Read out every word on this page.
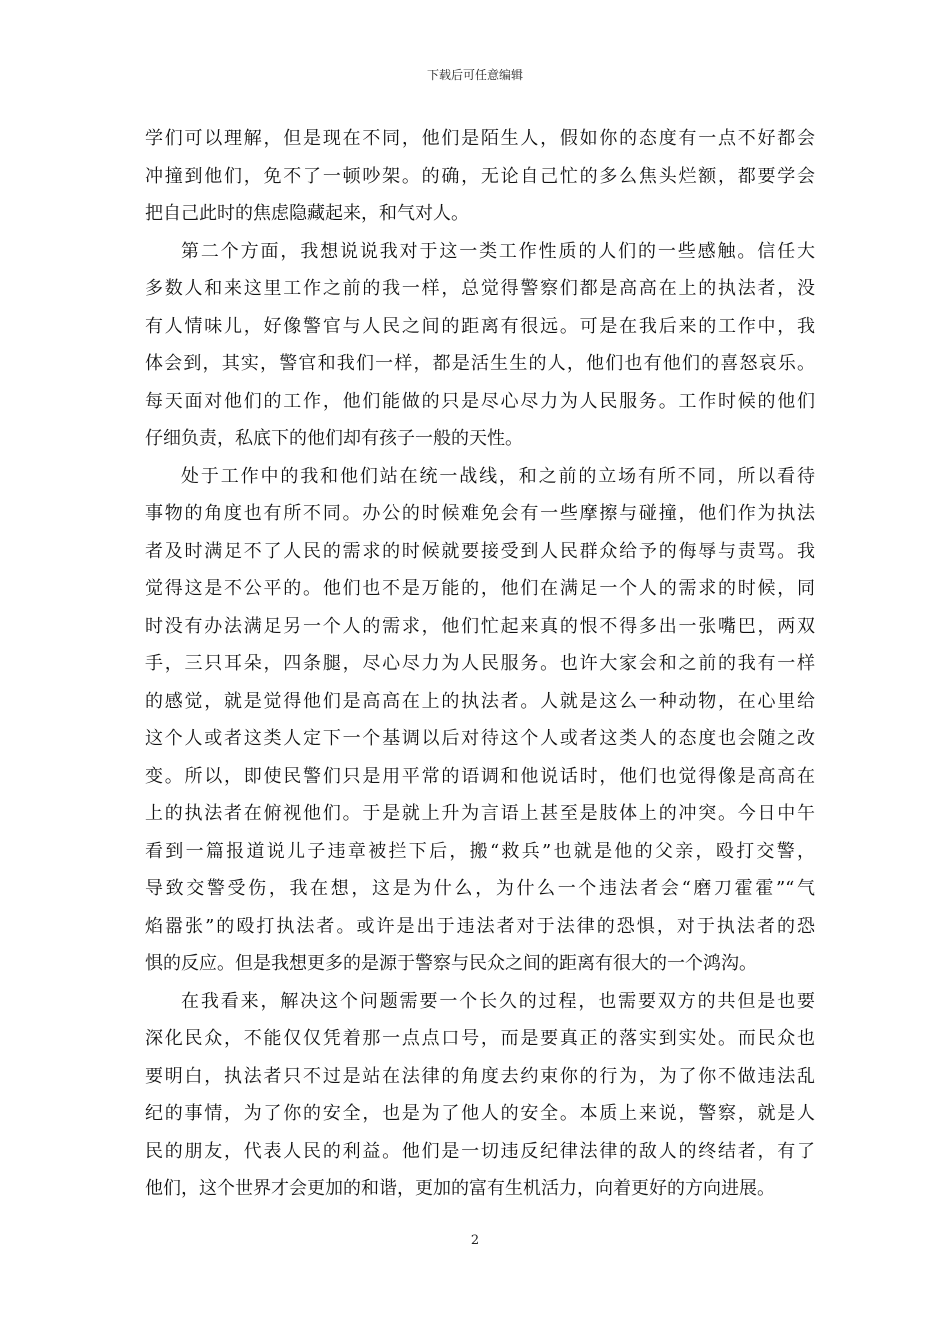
下载后可任意编辑
学们可以理解，但是现在不同，他们是陌生人，假如你的态度有一点不好都会
冲撞到他们，免不了一顿吵架。的确，无论自己忙的多么焦头烂额，都要学会
把自己此时的焦虑隐藏起来，和气对人。
第二个方面，我想说说我对于这一类工作性质的人们的一些感触。信任大
多数人和来这里工作之前的我一样，总觉得警察们都是高高在上的执法者，没
有人情味儿，好像警官与人民之间的距离有很远。可是在我后来的工作中，我
体会到，其实，警官和我们一样，都是活生生的人，他们也有他们的喜怒哀乐。
每天面对他们的工作，他们能做的只是尽心尽力为人民服务。工作时候的他们
仔细负责，私底下的他们却有孩子一般的天性。
处于工作中的我和他们站在统一战线，和之前的立场有所不同，所以看待
事物的角度也有所不同。办公的时候难免会有一些摩擦与碰撞，他们作为执法
者及时满足不了人民的需求的时候就要接受到人民群众给予的侮辱与责骂。我
觉得这是不公平的。他们也不是万能的，他们在满足一个人的需求的时候，同
时没有办法满足另一个人的需求，他们忙起来真的恨不得多出一张嘴巴，两双
手，三只耳朵，四条腿，尽心尽力为人民服务。也许大家会和之前的我有一样
的感觉，就是觉得他们是高高在上的执法者。人就是这么一种动物，在心里给
这个人或者这类人定下一个基调以后对待这个人或者这类人的态度也会随之改
变。所以，即使民警们只是用平常的语调和他说话时，他们也觉得像是高高在
上的执法者在俯视他们。于是就上升为言语上甚至是肢体上的冲突。今日中午
看到一篇报道说儿子违章被拦下后，搬“救兵”也就是他的父亲，殴打交警，
导致交警受伤，我在想，这是为什么，为什么一个违法者会“磨刀霍霍”“气
焰嚣张”的殴打执法者。或许是出于违法者对于法律的恐惧，对于执法者的恐
惧的反应。但是我想更多的是源于警察与民众之间的距离有很大的一个鸿沟。
在我看来，解决这个问题需要一个长久的过程，也需要双方的共但是也要
深化民众，不能仅仅凭着那一点点口号，而是要真正的落实到实处。而民众也
要明白，执法者只不过是站在法律的角度去约束你的行为，为了你不做违法乱
纪的事情，为了你的安全，也是为了他人的安全。本质上来说，警察，就是人
民的朋友，代表人民的利益。他们是一切违反纪律法律的敌人的终结者，有了
他们，这个世界才会更加的和谐，更加的富有生机活力，向着更好的方向进展。
2
